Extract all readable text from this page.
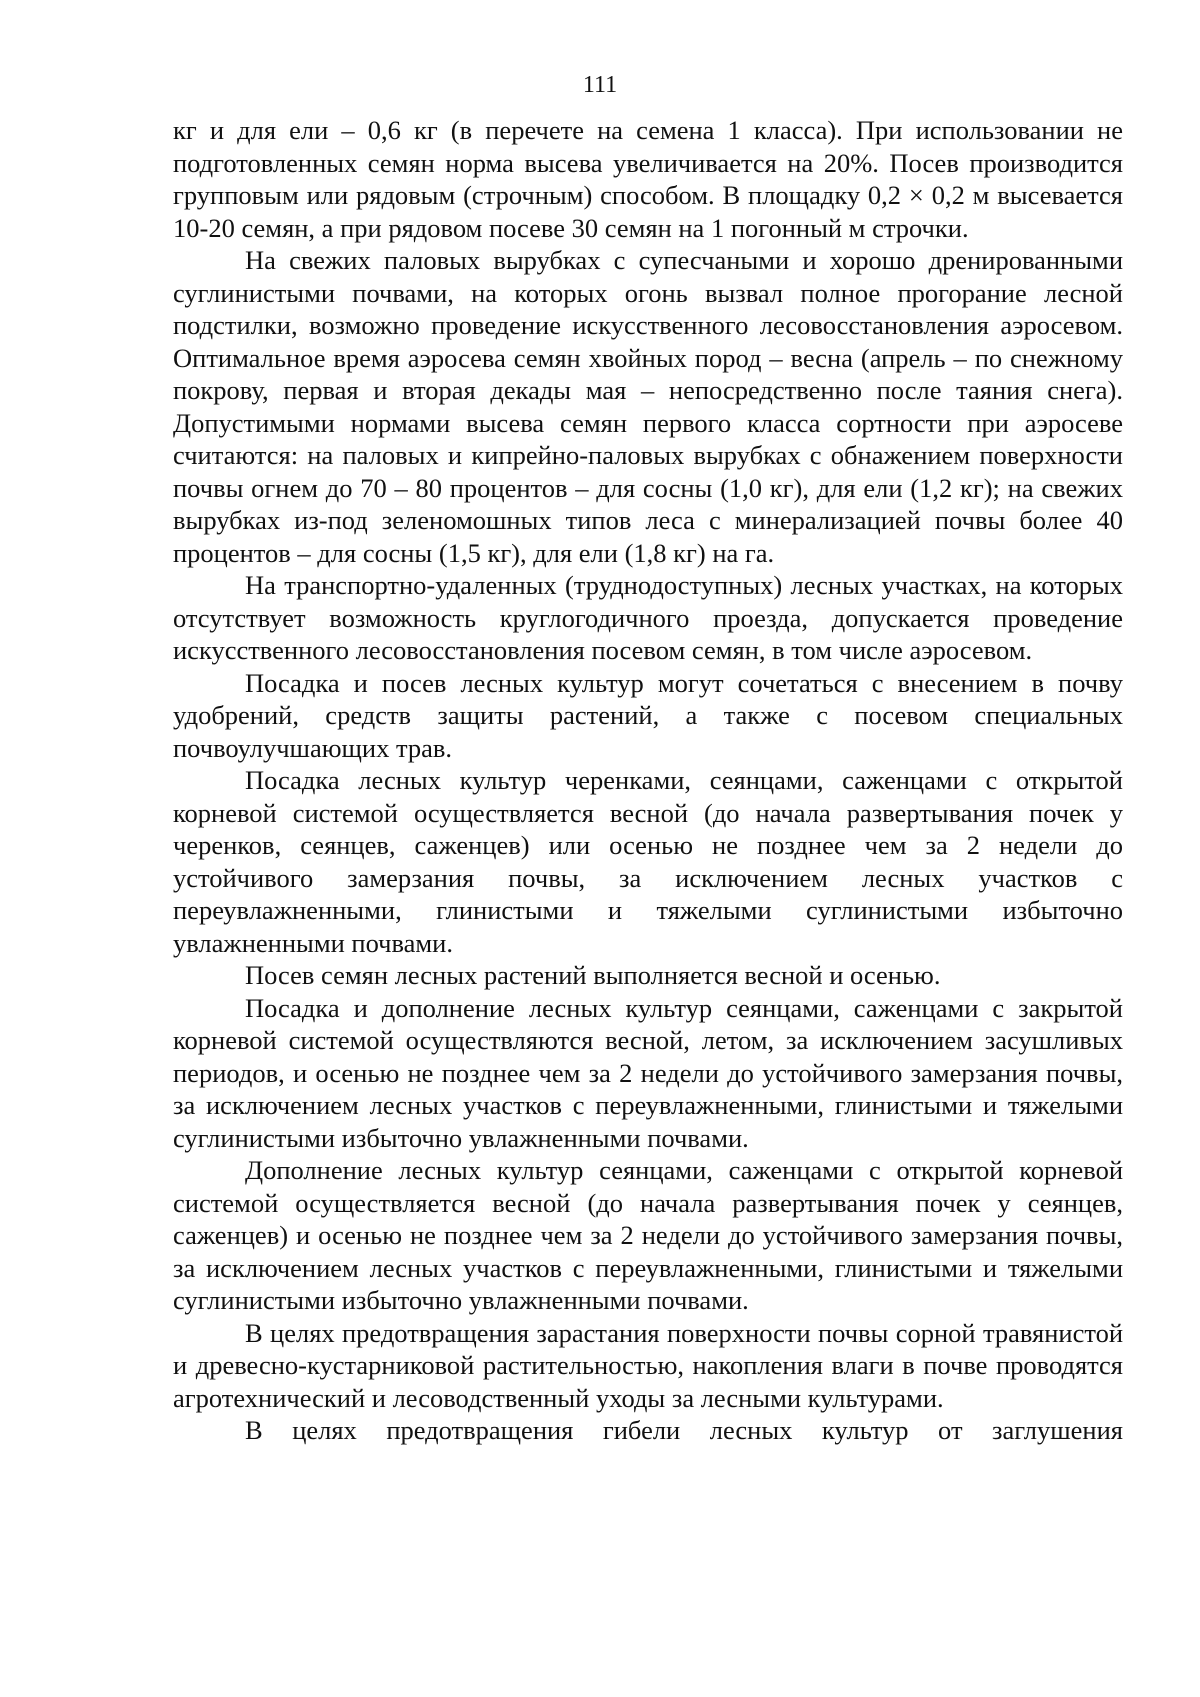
111

кг и для ели – 0,6 кг (в перечете на семена 1 класса). При использовании не подготовленных семян норма высева увеличивается на 20%. Посев производится групповым или рядовым (строчным) способом. В площадку 0,2 × 0,2 м высевается 10-20 семян, а при рядовом посеве 30 семян на 1 погонный м строчки.

На свежих паловых вырубках с супесчаными и хорошо дренированными суглинистыми почвами, на которых огонь вызвал полное прогорание лесной подстилки, возможно проведение искусственного лесовосстановления аэросевом. Оптимальное время аэросева семян хвойных пород – весна (апрель – по снежному покрову, первая и вторая декады мая – непосредственно после таяния снега). Допустимыми нормами высева семян первого класса сортности при аэросеве считаются: на паловых и кипрейно-паловых вырубках с обнажением поверхности почвы огнем до 70 – 80 процентов – для сосны (1,0 кг), для ели (1,2 кг); на свежих вырубках из-под зеленомошных типов леса с минерализацией почвы более 40 процентов – для сосны (1,5 кг), для ели (1,8 кг) на га.

На транспортно-удаленных (труднодоступных) лесных участках, на которых отсутствует возможность круглогодичного проезда, допускается проведение искусственного лесовосстановления посевом семян, в том числе аэросевом.

Посадка и посев лесных культур могут сочетаться с внесением в почву удобрений, средств защиты растений, а также с посевом специальных почвоулучшающих трав.

Посадка лесных культур черенками, сеянцами, саженцами с открытой корневой системой осуществляется весной (до начала развертывания почек у черенков, сеянцев, саженцев) или осенью не позднее чем за 2 недели до устойчивого замерзания почвы, за исключением лесных участков с переувлажненными, глинистыми и тяжелыми суглинистыми избыточно увлажненными почвами.

Посев семян лесных растений выполняется весной и осенью.

Посадка и дополнение лесных культур сеянцами, саженцами с закрытой корневой системой осуществляются весной, летом, за исключением засушливых периодов, и осенью не позднее чем за 2 недели до устойчивого замерзания почвы, за исключением лесных участков с переувлажненными, глинистыми и тяжелыми суглинистыми избыточно увлажненными почвами.

Дополнение лесных культур сеянцами, саженцами с открытой корневой системой осуществляется весной (до начала развертывания почек у сеянцев, саженцев) и осенью не позднее чем за 2 недели до устойчивого замерзания почвы, за исключением лесных участков с переувлажненными, глинистыми и тяжелыми суглинистыми избыточно увлажненными почвами.

В целях предотвращения зарастания поверхности почвы сорной травянистой и древесно-кустарниковой растительностью, накопления влаги в почве проводятся агротехнический и лесоводственный уходы за лесными культурами.

В целях предотвращения гибели лесных культур от заглушения
